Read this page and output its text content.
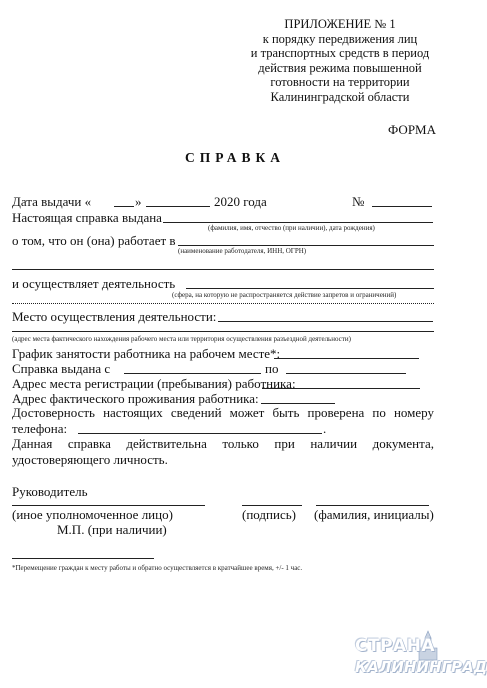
ПРИЛОЖЕНИЕ № 1
к порядку передвижения лиц
и транспортных средств в период
действия режима повышенной
готовности на территории
Калининградской области
ФОРМА
СПРАВКА
Дата выдачи «	»	2020 года	№
Настоящая справка выдана
(фамилия, имя, отчество (при наличии), дата рождения)
о том, что он (она) работает в
(наименование работодателя, ИНН, ОГРН)
и осуществляет деятельность
(сфера, на которую не распространяется действие запретов и ограничений)
Место осуществления деятельности:
(адрес места фактического нахождения рабочего места или территория осуществления разъездной деятельности)
График занятости работника на рабочем месте*:
Справка выдана с	по
Адрес места регистрации (пребывания) работника:
Адрес фактического проживания работника:
Достоверность настоящих сведений может быть проверена по номеру
телефона:	.
Данная справка действительна только при наличии документа,
удостоверяющего личность.
Руководитель
(иное уполномоченное лицо)	(подпись) (фамилия, инициалы)
М.П. (при наличии)
*Перемещение граждан к месту работы и обратно осуществляется в кратчайшее время, +/- 1 час.
СТРАНА
КАЛИНИНГРАД
